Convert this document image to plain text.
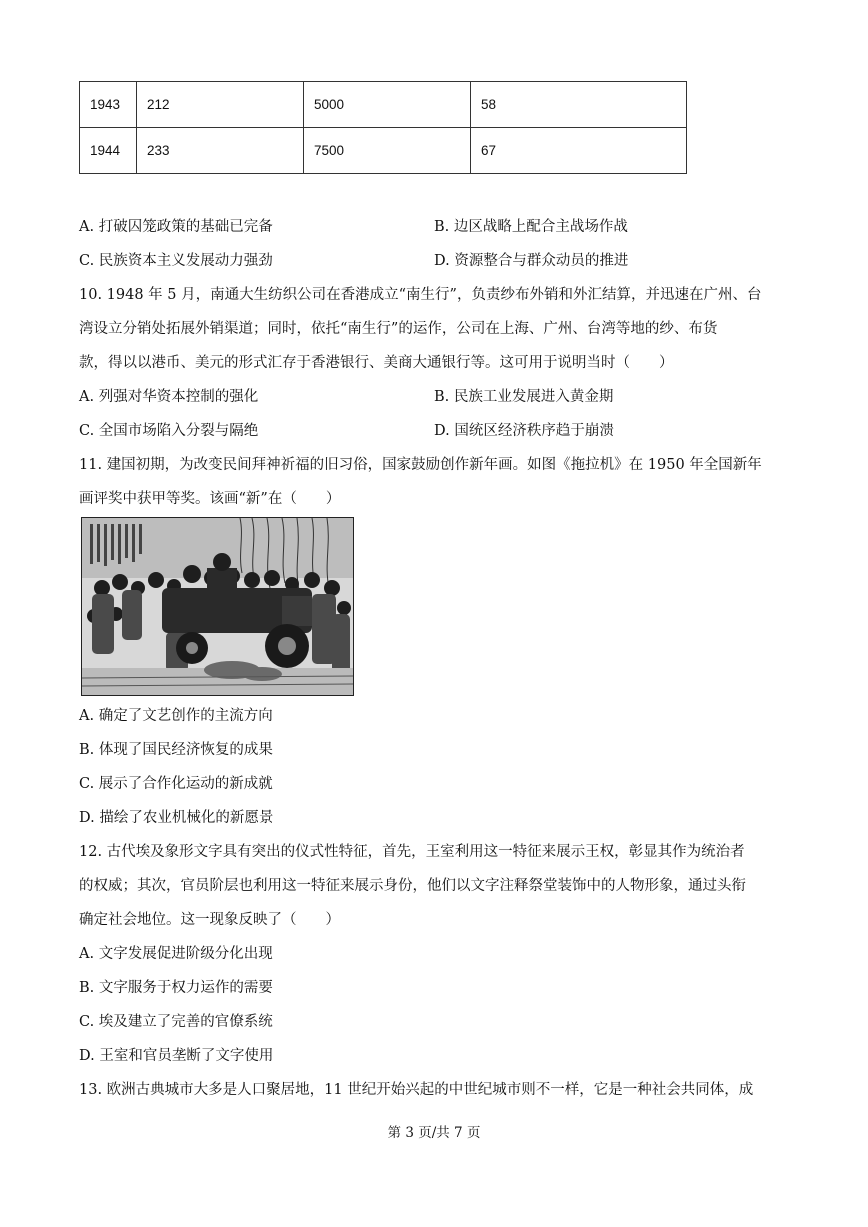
1943	212	5000	58
1944	233	7500	67
A. 打破囚笼政策的基础已完备	B. 边区战略上配合主战场作战
C. 民族资本主义发展动力强劲	D. 资源整合与群众动员的推进
10. 1948 年 5 月，南通大生纺织公司在香港成立“南生行”，负责纱布外销和外汇结算，并迅速在广州、台
湾设立分销处拓展外销渠道；同时，依托“南生行”的运作，公司在上海、广州、台湾等地的纱、布货
款，得以以港币、美元的形式汇存于香港银行、美商大通银行等。这可用于说明当时（　　）
A. 列强对华资本控制的强化	B. 民族工业发展进入黄金期
C. 全国市场陷入分裂与隔绝	D. 国统区经济秩序趋于崩溃
11. 建国初期，为改变民间拜神祈福的旧习俗，国家鼓励创作新年画。如图《拖拉机》在 1950 年全国新年
画评奖中获甲等奖。该画“新”在（　　）
A. 确定了文艺创作的主流方向
B. 体现了国民经济恢复的成果
C. 展示了合作化运动的新成就
D. 描绘了农业机械化的新愿景
12. 古代埃及象形文字具有突出的仪式性特征，首先，王室利用这一特征来展示王权，彰显其作为统治者
的权威；其次，官员阶层也利用这一特征来展示身份，他们以文字注释祭堂装饰中的人物形象，通过头衔
确定社会地位。这一现象反映了（　　）
A. 文字发展促进阶级分化出现
B. 文字服务于权力运作的需要
C. 埃及建立了完善的官僚系统
D. 王室和官员垄断了文字使用
13. 欧洲古典城市大多是人口聚居地，11 世纪开始兴起的中世纪城市则不一样，它是一种社会共同体，成
第 3 页/共 7 页
